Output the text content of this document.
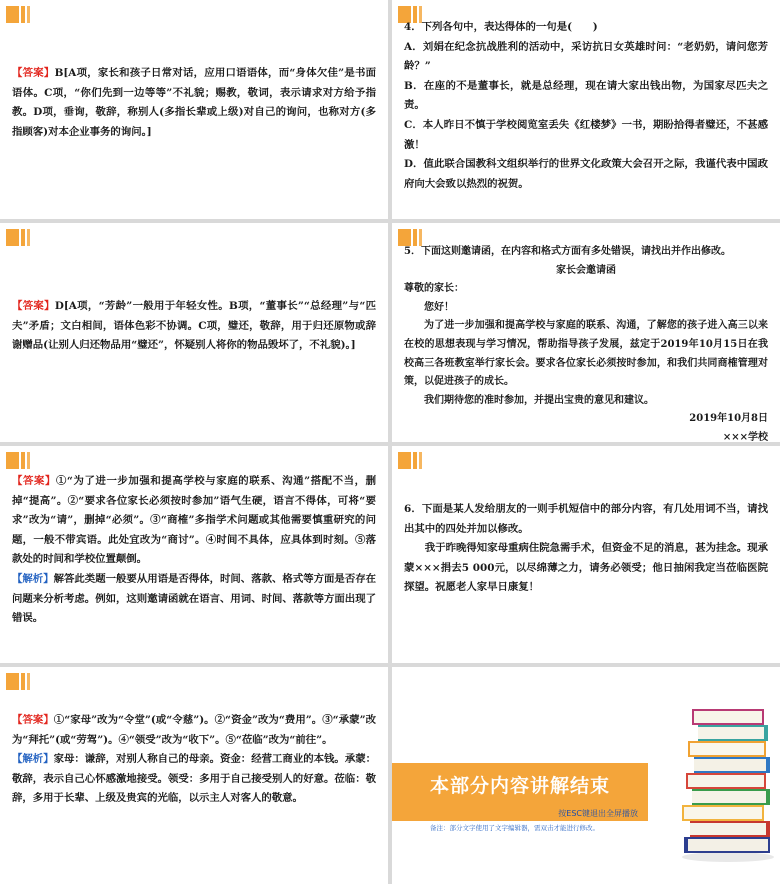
【答案】B[A项，家长和孩子日常对话，应用口语语体，而“身体欠佳”是书面语体。C项，“你们先到一边等等”不礼貌；赐教，敬词，表示请求对方给予指教。D项，垂询，敬辞，称别人(多指长辈或上级)对自己的询问，也称对方(多指顾客)对本企业事务的询问。]

4．下列各句中，表达得体的一句是(　　)

A．刘娟在纪念抗战胜利的活动中，采访抗日女英雄时问：“老奶奶，请问您芳龄？”

B．在座的不是董事长，就是总经理，现在请大家出钱出物，为国家尽匹夫之责。

C．本人昨日不慎于学校阅览室丢失《红楼梦》一书，期盼拾得者璧还，不甚感激！

D．值此联合国教科文组织举行的世界文化政策大会召开之际，我谨代表中国政府向大会致以热烈的祝贺。

【答案】D[A项，“芳龄”一般用于年轻女性。B项，“董事长”“总经理”与“匹夫”矛盾；文白相间，语体色彩不协调。C项，璧还，敬辞，用于归还原物或辞谢赠品(让别人归还物品用“璧还”，怀疑别人将你的物品毁坏了，不礼貌)。]

5．下面这则邀请函，在内容和格式方面有多处错误，请找出并作出修改。

家长会邀请函

尊敬的家长：

您好！

为了进一步加强和提高学校与家庭的联系、沟通，了解您的孩子进入高三以来在校的思想表现与学习情况，帮助指导孩子发展，兹定于2019年10月15日在我校高三各班教室举行家长会。要求各位家长必须按时参加，和我们共同商榷管理对策，以促进孩子的成长。

我们期待您的准时参加，并提出宝贵的意见和建议。

2019年10月8日

×××学校

【答案】①“为了进一步加强和提高学校与家庭的联系、沟通”搭配不当，删掉“提高”。②“要求各位家长必须按时参加”语气生硬，语言不得体，可将“要求”改为“请”，删掉“必须”。③“商榷”多指学术问题或其他需要慎重研究的问题，一般不带宾语。此处宜改为“商讨”。④时间不具体，应具体到时刻。⑤落款处的时间和学校位置颠倒。

【解析】解答此类题一般要从用语是否得体，时间、落款、格式等方面是否存在问题来分析考虑。例如，这则邀请函就在语言、用词、时间、落款等方面出现了错误。

6．下面是某人发给朋友的一则手机短信中的部分内容，有几处用词不当，请找出其中的四处并加以修改。

我于昨晚得知家母重病住院急需手术，但资金不足的消息，甚为挂念。现承蒙×××捐去5 000元，以尽绵薄之力，请务必领受；他日抽闲我定当莅临医院探望。祝愿老人家早日康复！

【答案】①“家母”改为“令堂”(或“令慈”)。②“资金”改为“费用”。③“承蒙”改为“拜托”(或“劳驾”)。④“领受”改为“收下”。⑤“莅临”改为“前往”。

【解析】家母：谦辞，对别人称自己的母亲。资金：经营工商业的本钱。承蒙：敬辞，表示自己心怀感激地接受。领受：多用于自己接受别人的好意。莅临：敬辞，多用于长辈、上级及贵宾的光临，以示主人对客人的敬意。

本部分内容讲解结束
按ESC键退出全屏播放
备注：部分文字使用了文字编辑器，需双击才能进行修改。
